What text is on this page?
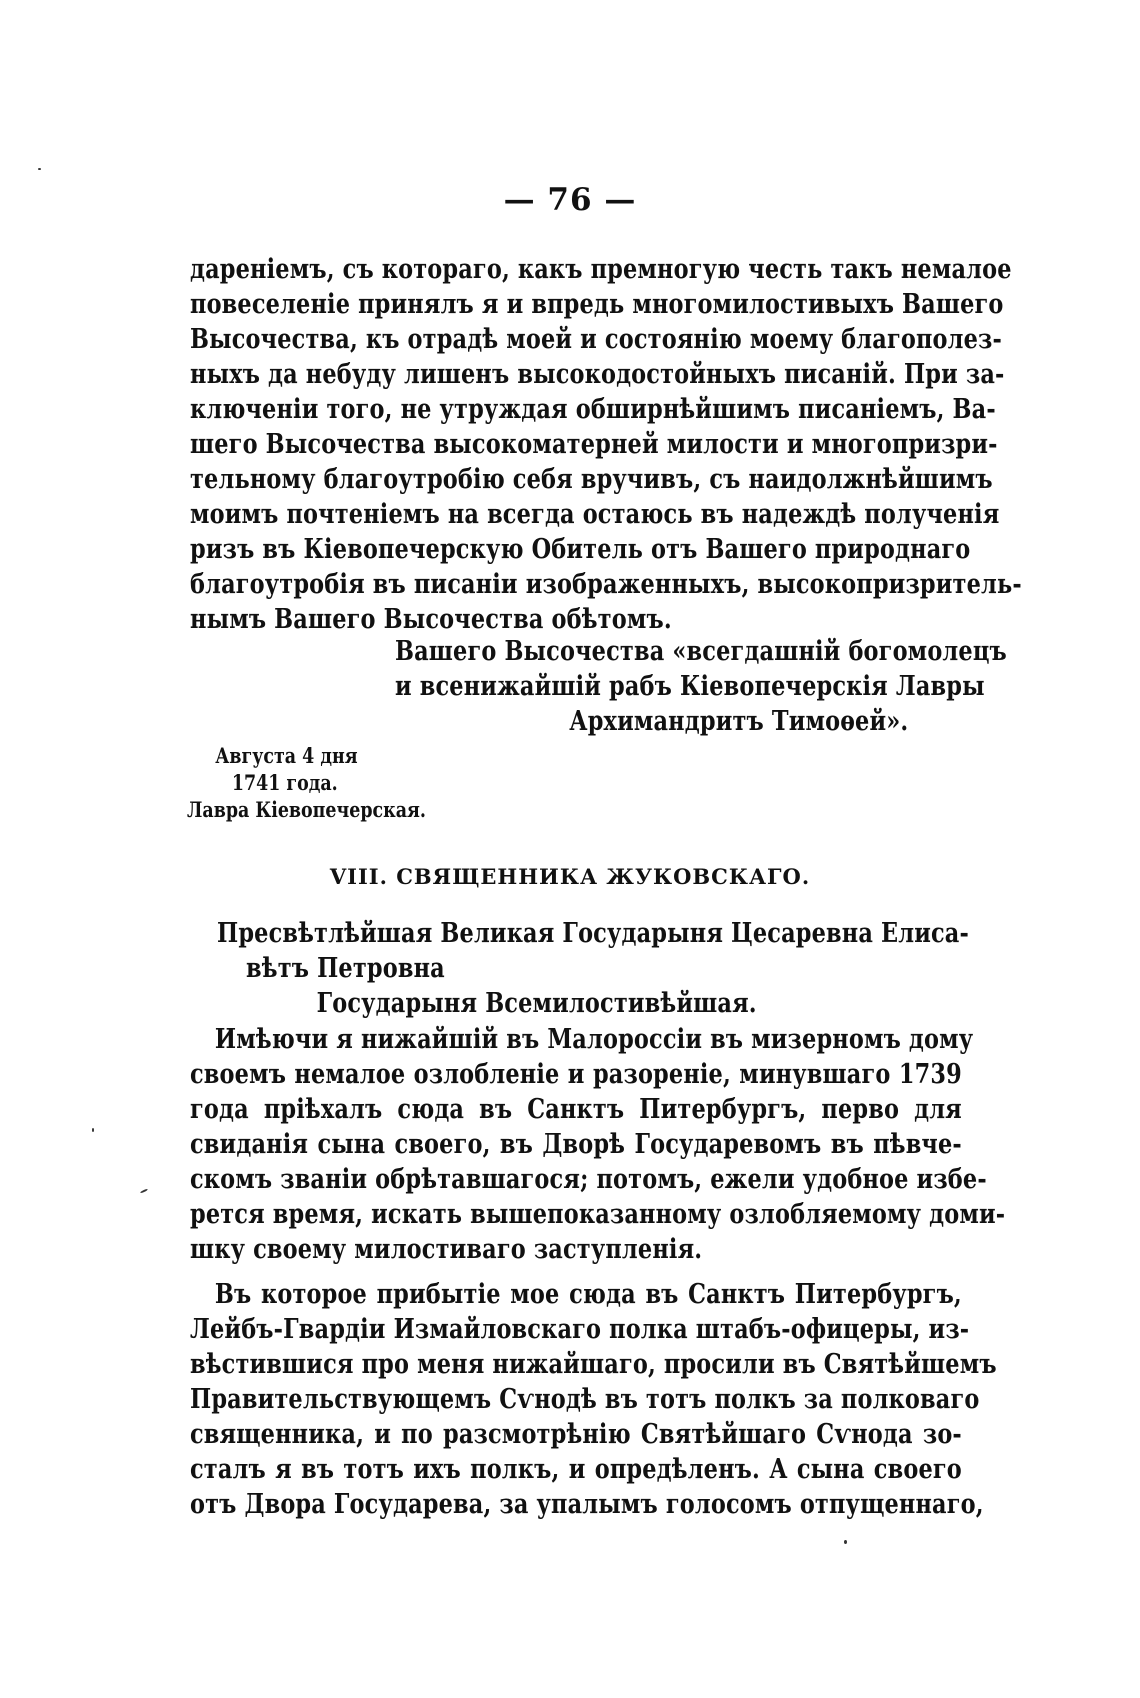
— 76 —
дареніемъ, съ котораго, какъ премногую честь такъ немалое
повеселеніе принялъ я и впредь многомилостивыхъ Вашего
Высочества, къ отрадѣ моей и состоянію моему благополез-
ныхъ да небуду лишенъ высокодостойныхъ писаній. При за-
ключеніи того, не утруждая обширнѣйшимъ писаніемъ, Ва-
шего Высочества высокоматерней милости и многопризри-
тельному благоутробію себя вручивъ, съ наидолжнѣйшимъ
моимъ почтеніемъ на всегда остаюсь въ надеждѣ полученія
ризъ въ Кіевопечерскую Обитель отъ Вашего природнаго
благоутробія въ писаніи изображенныхъ, высокопризритель-
нымъ Вашего Высочества обѣтомъ.
Вашего Высочества «всегдашній богомолецъ
и всенижайшій рабъ Кіевопечерскія Лавры
Архимандритъ Тимоѳей».
Августа 4 дня
1741 года.
Лавра Кіевопечерская.
VIII. СВЯЩЕННИКА ЖУКОВСКАГО.
Пресвѣтлѣйшая Великая Государыня Цесаревна Елиса-
вѣтъ Петровна
Государыня Всемилостивѣйшая.
Имѣючи я нижайшій въ Малороссіи въ мизерномъ дому
своемъ немалое озлобленіе и разореніе, минувшаго 1739
года пріѣхалъ сюда въ Санктъ Питербургъ, перво для
свиданія сына своего, въ Дворѣ Государевомъ въ пѣвче-
скомъ званіи обрѣтавшагося; потомъ, ежели удобное избе-
рется время, искать вышепоказанному озлобляемому доми-
шку своему милостиваго заступленія.
Въ которое прибытіе мое сюда въ Санктъ Питербургъ,
Лейбъ-Гвардіи Измайловскаго полка штабъ-офицеры, из-
вѣстившися про меня нижайшаго, просили въ Святѣйшемъ
Правительствующемъ Сѵнодѣ въ тотъ полкъ за полковаго
священника, и по разсмотрѣнію Святѣйшаго Сѵнода зо-
сталъ я въ тотъ ихъ полкъ, и опредѣленъ. А сына своего
отъ Двора Государева, за упалымъ голосомъ отпущеннаго,
